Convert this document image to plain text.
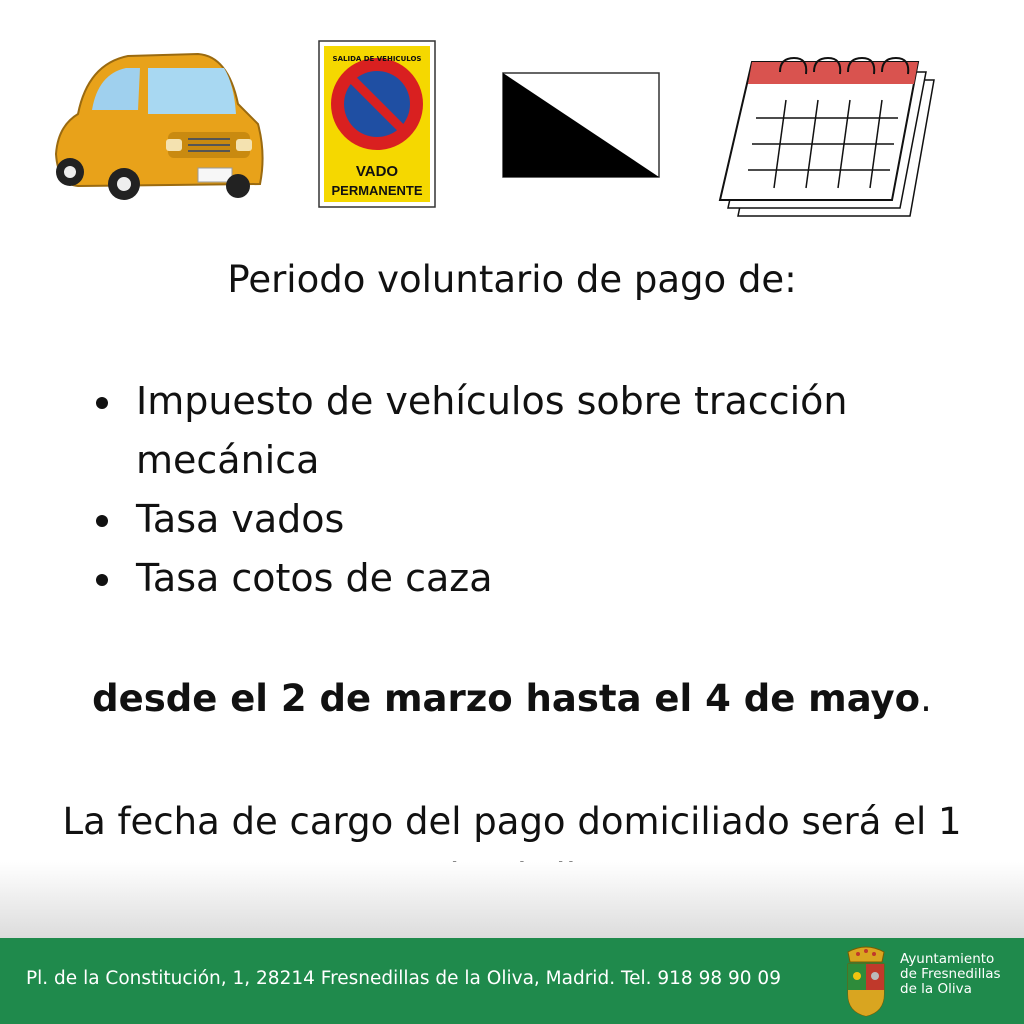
SALIDA DE VEHICULOS
VADO
PERMANENTE
Periodo voluntario de pago de:
Impuesto de vehículos sobre tracción mecánica
Tasa vados
Tasa cotos de caza
desde el 2 de marzo hasta el 4 de mayo.
La fecha de cargo del pago domiciliado será el 1
Pl. de la Constitución, 1, 28214 Fresnedillas de la Oliva, Madrid. Tel. 918 98 90 09
Ayuntamiento
de Fresnedillas
de la Oliva
